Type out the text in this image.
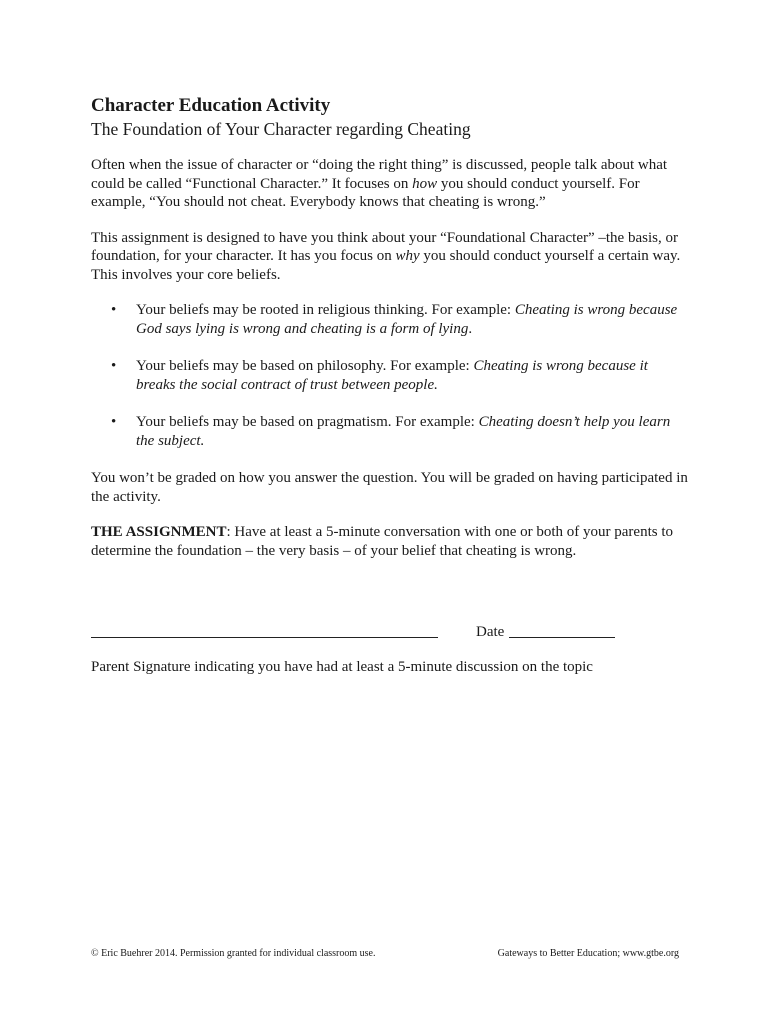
Character Education Activity
The Foundation of Your Character regarding Cheating

Often when the issue of character or “doing the right thing” is discussed, people talk about what could be called “Functional Character.” It focuses on how you should conduct yourself. For example, “You should not cheat. Everybody knows that cheating is wrong.”

This assignment is designed to have you think about your “Foundational Character” –the basis, or foundation, for your character. It has you focus on why you should conduct yourself a certain way. This involves your core beliefs.

• Your beliefs may be rooted in religious thinking. For example: Cheating is wrong because God says lying is wrong and cheating is a form of lying.
• Your beliefs may be based on philosophy. For example: Cheating is wrong because it breaks the social contract of trust between people.
• Your beliefs may be based on pragmatism. For example: Cheating doesn’t help you learn the subject.

You won’t be graded on how you answer the question. You will be graded on having participated in the activity.

THE ASSIGNMENT: Have at least a 5-minute conversation with one or both of your parents to determine the foundation – the very basis – of your belief that cheating is wrong.

Date
Parent Signature indicating you have had at least a 5-minute discussion on the topic
© Eric Buehrer 2014. Permission granted for individual classroom use.	Gateways to Better Education; www.gtbe.org
